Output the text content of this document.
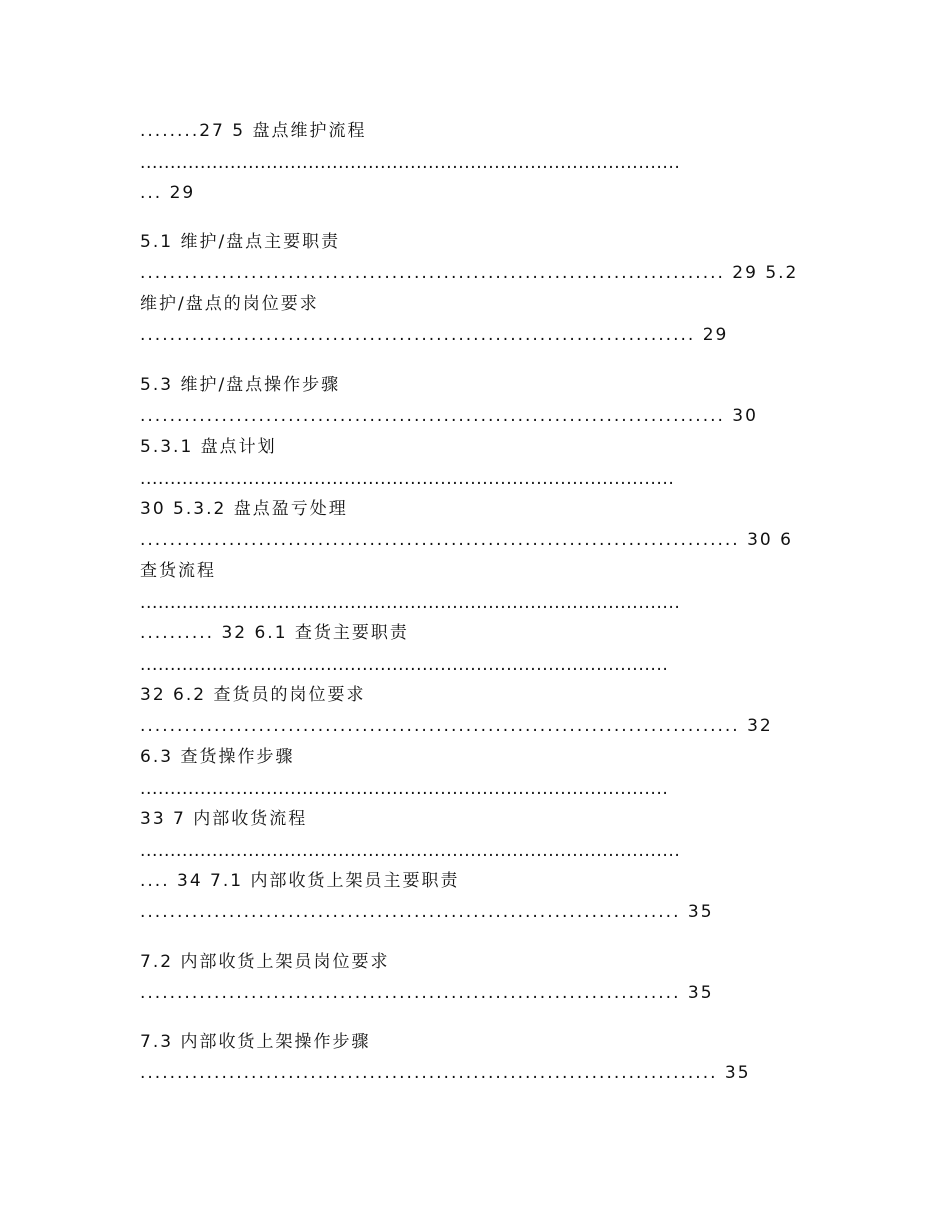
........27 5 盘点维护流程
..........................................................................................
... 29
5.1 维护/盘点主要职责
............................................................................... 29 5.2
维护/盘点的岗位要求
........................................................................... 29
5.3 维护/盘点操作步骤
............................................................................... 30
5.3.1 盘点计划
.........................................................................................
30 5.3.2 盘点盈亏处理
................................................................................. 30 6
查货流程
..........................................................................................
.......... 32 6.1 查货主要职责
........................................................................................
32 6.2 查货员的岗位要求
................................................................................. 32
6.3 查货操作步骤
........................................................................................
33 7 内部收货流程
..........................................................................................
.... 34 7.1 内部收货上架员主要职责
......................................................................... 35
7.2 内部收货上架员岗位要求
......................................................................... 35
7.3 内部收货上架操作步骤
.............................................................................. 35
